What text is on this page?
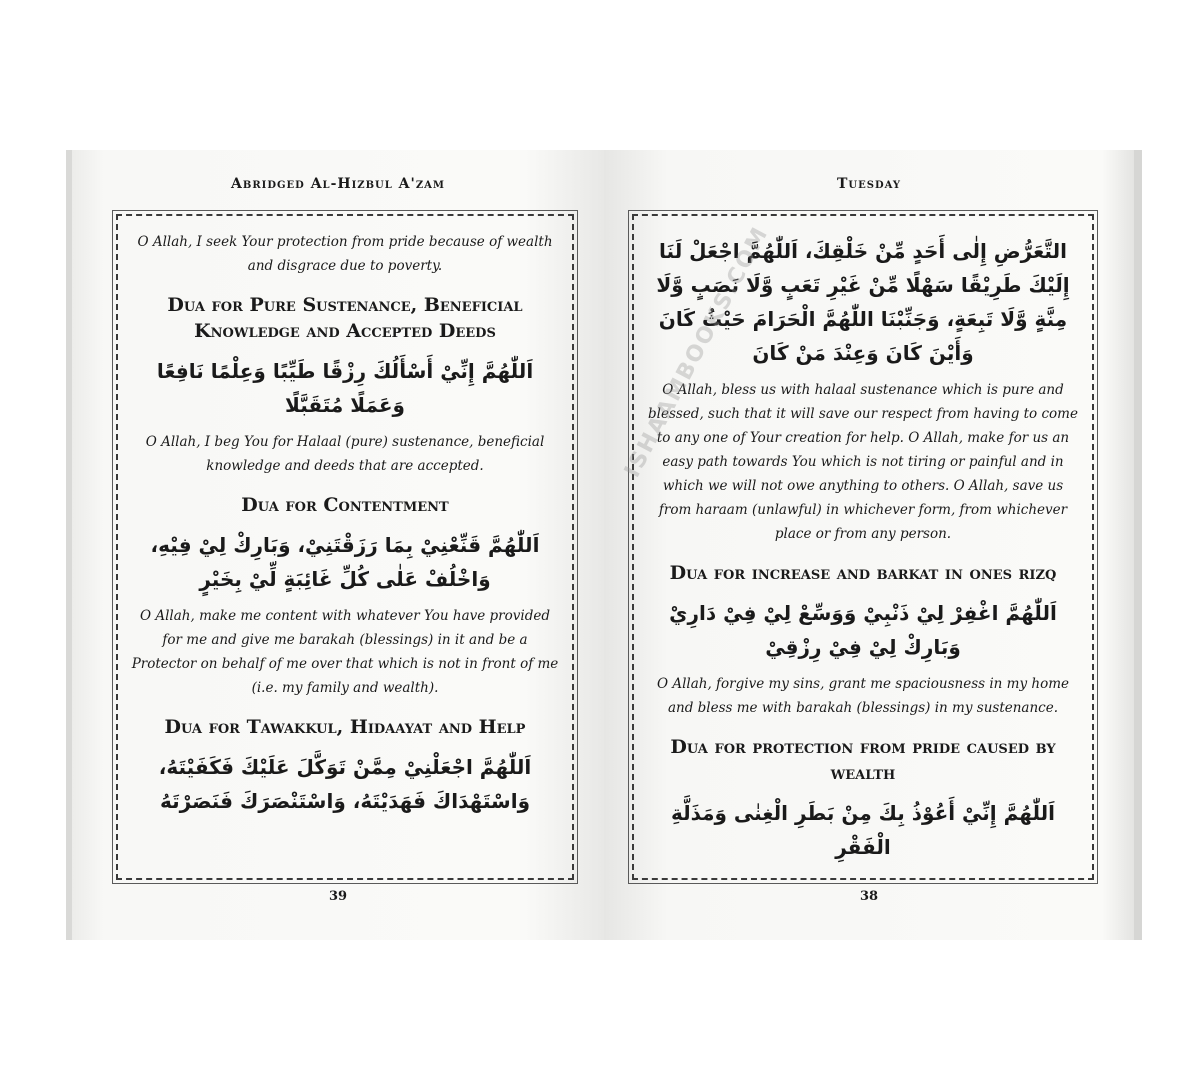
Abridged Al-Hizbul A'zam

O Allah, I seek Your protection from pride because of wealth and disgrace due to poverty.

Dua for Pure Sustenance, Beneficial Knowledge and Accepted Deeds
اَللّٰهُمَّ إِنِّيْ أَسْأَلُكَ رِزْقًا طَيِّبًا وَعِلْمًا نَافِعًا وَعَمَلًا مُتَقَبَّلًا

O Allah, I beg You for Halaal (pure) sustenance, beneficial knowledge and deeds that are accepted.

Dua for Contentment
اَللّٰهُمَّ قَنِّعْنِيْ بِمَا رَزَقْتَنِيْ، وَبَارِكْ لِيْ فِيْهِ، وَاخْلُفْ عَلٰى كُلِّ غَائِبَةٍ لِّيْ بِخَيْرٍ

O Allah, make me content with whatever You have provided for me and give me barakah (blessings) in it and be a Protector on behalf of me over that which is not in front of me (i.e. my family and wealth).

Dua for Tawakkul, Hidaayat and Help
اَللّٰهُمَّ اجْعَلْنِيْ مِمَّنْ تَوَكَّلَ عَلَيْكَ فَكَفَيْتَهُ، وَاسْتَهْدَاكَ فَهَدَيْتَهُ، وَاسْتَنْصَرَكَ فَنَصَرْتَهُ
39
Tuesday
التَّعَرُّضِ إِلٰى أَحَدٍ مِّنْ خَلْقِكَ، اَللّٰهُمَّ اجْعَلْ لَنَا إِلَيْكَ طَرِيْقًا سَهْلًا مِّنْ غَيْرِ تَعَبٍ وَّلَا نَصَبٍ وَّلَا مِنَّةٍ وَّلَا تَبِعَةٍ، وَجَنِّبْنَا اللّٰهُمَّ الْحَرَامَ حَيْثُ كَانَ وَأَيْنَ كَانَ وَعِنْدَ مَنْ كَانَ

O Allah, bless us with halaal sustenance which is pure and blessed, such that it will save our respect from having to come to any one of Your creation for help. O Allah, make for us an easy path towards You which is not tiring or painful and in which we will not owe anything to others. O Allah, save us from haraam (unlawful) in whichever form, from whichever place or from any person.

Dua for increase and barkat in ones rizq
اَللّٰهُمَّ اغْفِرْ لِيْ ذَنْبِيْ وَوَسِّعْ لِيْ فِيْ دَارِيْ وَبَارِكْ لِيْ فِيْ رِزْقِيْ

O Allah, forgive my sins, grant me spaciousness in my home and bless me with barakah (blessings) in my sustenance.

Dua for protection from pride caused by wealth
اَللّٰهُمَّ إِنِّيْ أَعُوْذُ بِكَ مِنْ بَطَرِ الْغِنٰى وَمَذَلَّةِ الْفَقْرِ
38
ISHAAMBOOKS.COM
